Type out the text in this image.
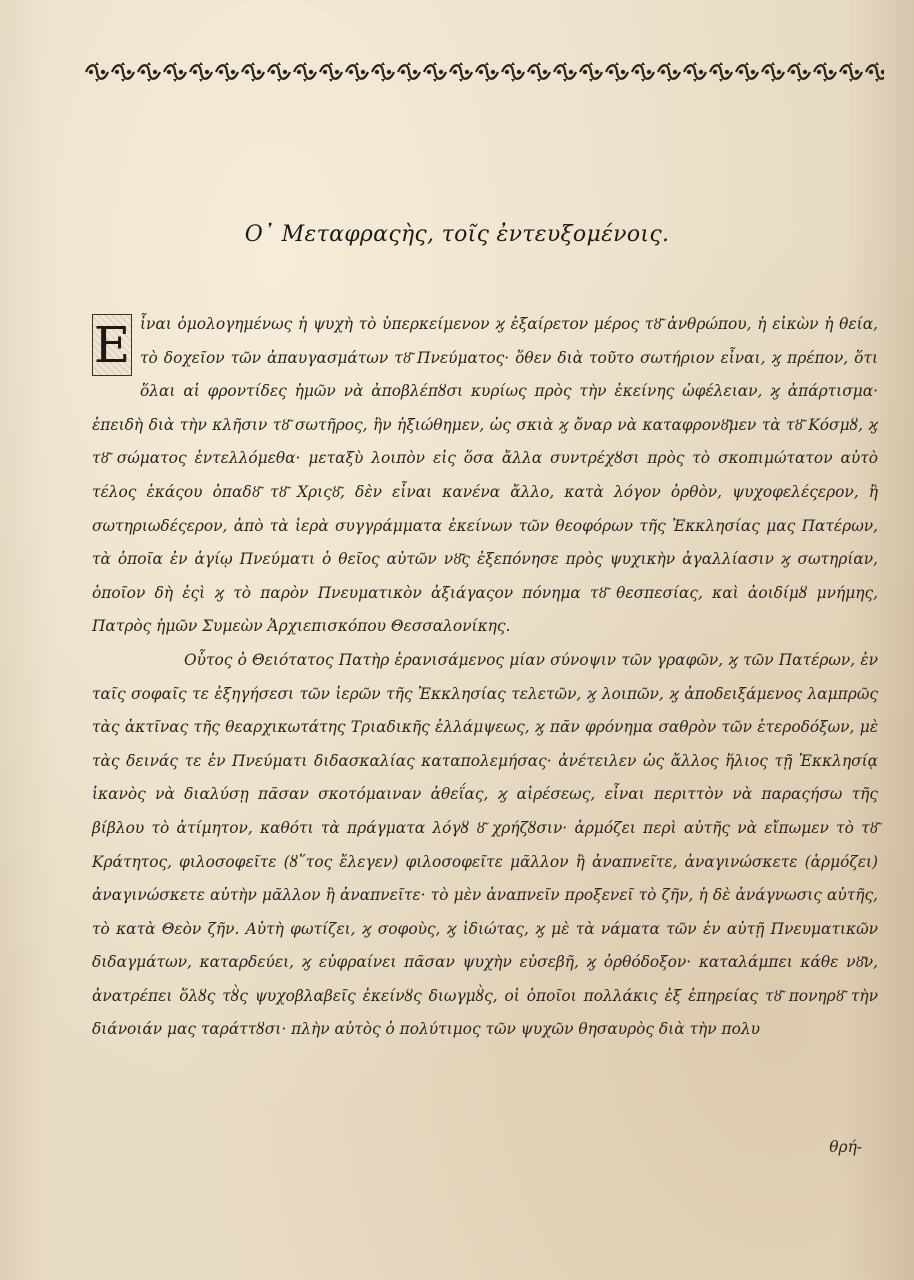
Ο᾿ Μεταφραςὴς, τοῖς ἐντευξομένοις.

Ε ἶναι ὁμολογημένως ἡ ψυχὴ τὸ ὑπερκείμενον ϗ ἐξαίρετον μέρος τȣ͂ ἀνθρώπου, ἡ εἰκὼν ἡ θεία, τὸ δοχεῖον τῶν ἀπαυγασμάτων τȣ͂ Πνεύματος· ὅθεν διὰ τοῦτο σωτήριον εἶναι, ϗ πρέπον, ὅτι ὅλαι αἱ φροντίδες ἡμῶν νὰ ἀποβλέπȣσι κυρίως πρὸς τὴν ἐκείνης ὠφέλειαν, ϗ ἀπάρτισμα· ἐπειδὴ διὰ τὴν κλῆσιν τȣ͂ σωτῆρος, ἣν ἠξιώθημεν, ὡς σκιὰ ϗ ὄναρ νὰ καταφρονȣ͂μεν τὰ τȣ͂ Κόσμȣ, ϗ τȣ͂ σώματος ἐντελλόμεθα· μεταξὺ λοιπὸν εἰς ὅσα ἄλλα συντρέχȣσι πρὸς τὸ σκοπιμώτατον αὐτὸ τέλος ἑκάςου ὀπαδȣ͂ τȣ͂ Χριςȣ͂, δὲν εἶναι κανένα ἄλλο, κατὰ λόγον ὀρθὸν, ψυχοφελέςερον, ἢ σωτηριωδέςερον, ἀπὸ τὰ ἱερὰ συγγράμματα ἐκείνων τῶν θεοφόρων τῆς Ἐκκλησίας μας Πατέρων, τὰ ὁποῖα ἐν ἁγίῳ Πνεύματι ὁ θεῖος αὐτῶν νȣ͂ς ἐξεπόνησε πρὸς ψυχικὴν ἀγαλλίασιν ϗ σωτηρίαν, ὁποῖον δὴ ἐςὶ ϗ τὸ παρὸν Πνευματικὸν ἀξιάγαςον πόνημα τȣ͂ θεσπεσίας, καὶ ἀοιδίμȣ μνήμης, Πατρὸς ἡμῶν Συμεὼν Ἀρχιεπισκόπου Θεσσαλονίκης.

Οὗτος ὁ Θειότατος Πατὴρ ἐρανισάμενος μίαν σύνοψιν τῶν γραφῶν, ϗ τῶν Πατέρων, ἐν ταῖς σοφαῖς τε ἐξηγήσεσι τῶν ἱερῶν τῆς Ἐκκλησίας τελετῶν, ϗ λοιπῶν, ϗ ἀποδειξάμενος λαμπρῶς τὰς ἀκτῖνας τῆς θεαρχικωτάτης Τριαδικῆς ἐλλάμψεως, ϗ πᾶν φρόνημα σαθρὸν τῶν ἑτεροδόξων, μὲ τὰς δεινάς τε ἐν Πνεύματι διδασκαλίας καταπολεμήσας· ἀνέτειλεν ὡς ἄλλος ἥλιος τῇ Ἐκκλησίᾳ ἱκανὸς νὰ διαλύσῃ πᾶσαν σκοτόμαιναν ἀθεΐας, ϗ αἱρέσεως, εἶναι περιττὸν νὰ παραςήσω τῆς βίβλου τὸ ἀτίμητον, καθότι τὰ πράγματα λόγȣ ȣ͂ χρήζȣσιν· ἁρμόζει περὶ αὐτῆς νὰ εἴπωμεν τὸ τȣ͂ Κράτητος, φιλοσοφεῖτε (ȣ῞τος ἔλεγεν) φιλοσοφεῖτε μᾶλλον ἢ ἀναπνεῖτε, ἀναγινώσκετε (ἁρμόζει) ἀναγινώσκετε αὐτὴν μᾶλλον ἢ ἀναπνεῖτε· τὸ μὲν ἀναπνεῖν προξενεῖ τὸ ζῆν, ἡ δὲ ἀνάγνωσις αὐτῆς, τὸ κατὰ Θεὸν ζῆν. Αὐτὴ φωτίζει, ϗ σοφοὺς, ϗ ἰδιώτας, ϗ μὲ τὰ νάματα τῶν ἐν αὐτῇ Πνευματικῶν διδαγμάτων, καταρδεύει, ϗ εὐφραίνει πᾶσαν ψυχὴν εὐσεβῆ, ϗ ὀρθόδοξον· καταλάμπει κάθε νȣ͂ν, ἀνατρέπει ὅλȣς τȣ̀ς ψυχοβλαβεῖς ἐκείνȣς διωγμȣ̀ς, οἱ ὁποῖοι πολλάκις ἐξ ἐπηρείας τȣ͂ πονηρȣ͂ τὴν διάνοιάν μας ταράττȣσι· πλὴν αὐτὸς ὁ πολύτιμος τῶν ψυχῶν θησαυρὸς διὰ τὴν πολυ

θρή-
